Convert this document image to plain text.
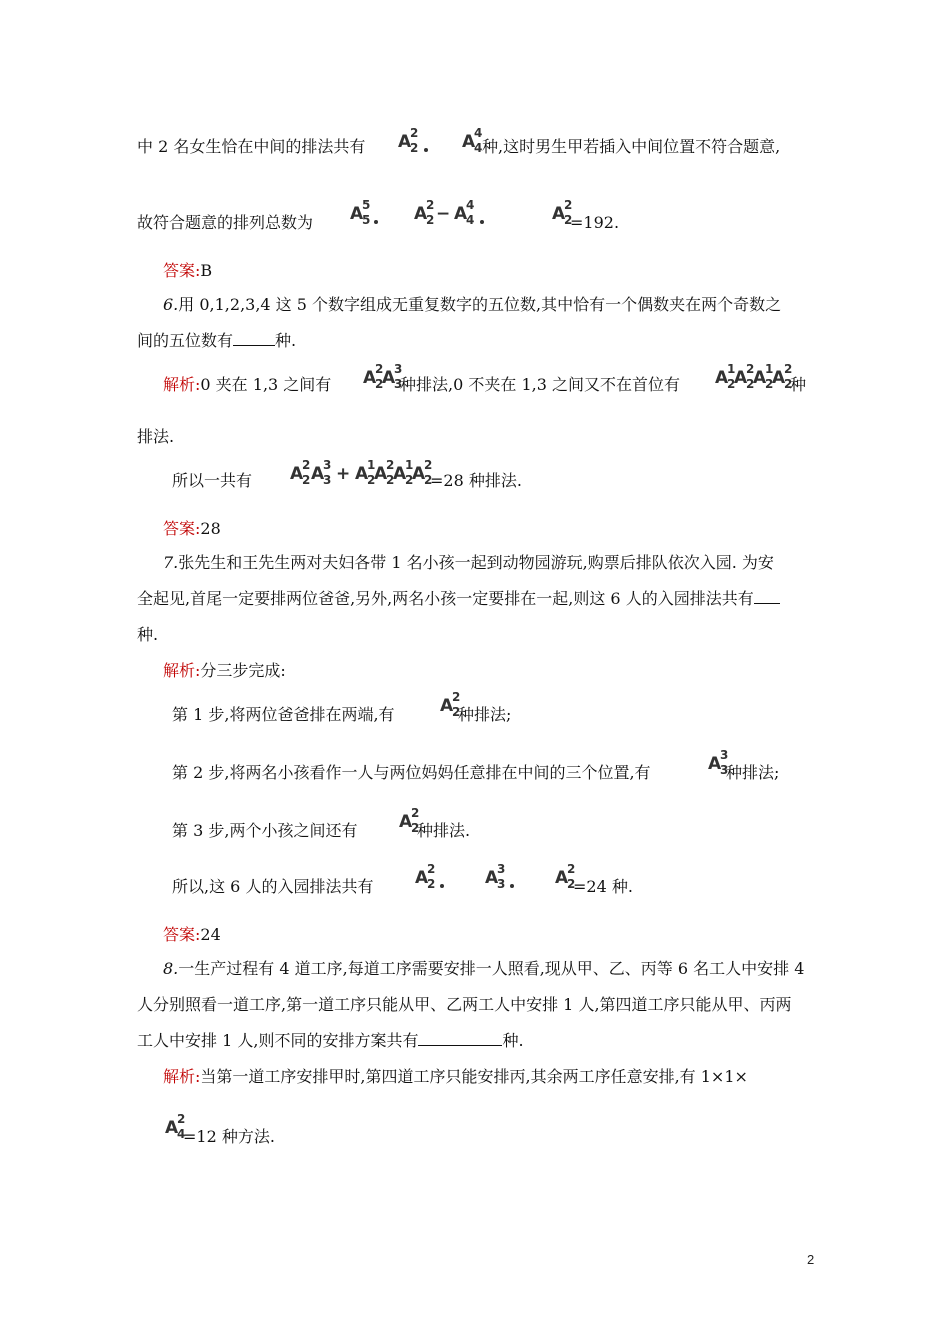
中 2 名女生恰在中间的排法共有 A
2
2	A
4
4 种,这时男生甲若插入中间位置不符合题意,
故符合题意的排列总数为 A
5
5	A
2
2 − A
4
4	A
2
2
=192.
答案:B
6.用 0,1,2,3,4 这 5 个数字组成无重复数字的五位数,其中恰有一个偶数夹在两个奇数之
间的五位数有	种.
解析:0 夹在 1,3 之间有 A
2
2
A
3
3
种排法,0 不夹在 1,3 之间又不在首位有 A
1
2
A
2
2
A
1
2
A
2
2
种
排法.
所以一共有 A
2
2 A
3
3 + A
1
2
A
2
2
A
1
2
A
2
2
=28 种排法.
答案:28
7.张先生和王先生两对夫妇各带 1 名小孩一起到动物园游玩,购票后排队依次入园. 为安
全起见,首尾一定要排两位爸爸,另外,两名小孩一定要排在一起,则这 6 人的入园排法共有
种.
解析:分三步完成:
第 1 步,将两位爸爸排在两端,有	A
2
2
种排法;
第 2 步,将两名小孩看作一人与两位妈妈任意排在中间的三个位置,有	A
3
3
种排法;
第 3 步,两个小孩之间还有 A
2
2
种排法.
所以,这 6 人的入园排法共有 A
2
2	A
3
3	A
2
2
=24 种.
答案:24
8.一生产过程有 4 道工序,每道工序需要安排一人照看,现从甲、乙、丙等 6 名工人中安排 4
人分别照看一道工序,第一道工序只能从甲、乙两工人中安排 1 人,第四道工序只能从甲、丙两
工人中安排 1 人,则不同的安排方案共有	种.
解析:当第一道工序安排甲时,第四道工序只能安排丙,其余两工序任意安排,有 1×1×
A
2
4
=12 种方法.
2
